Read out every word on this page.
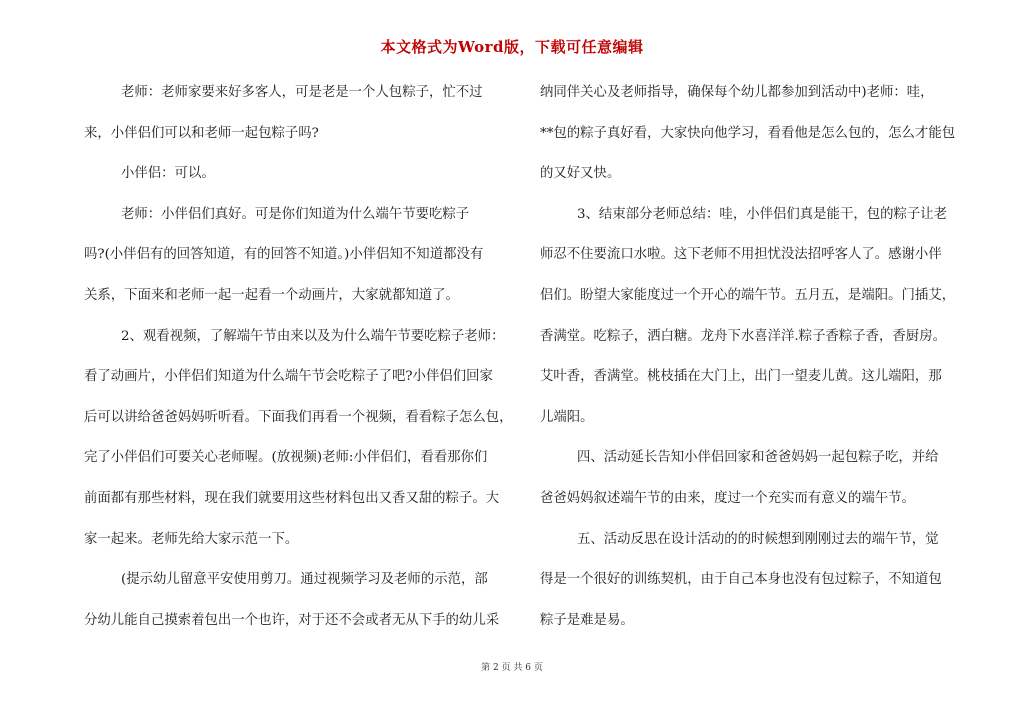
本文格式为Word版，下载可任意编辑
老师：老师家要来好多客人，可是老是一个人包粽子，忙不过
来，小伴侣们可以和老师一起包粽子吗?
小伴侣：可以。
老师：小伴侣们真好。可是你们知道为什么端午节要吃粽子
吗?(小伴侣有的回答知道，有的回答不知道。)小伴侣知不知道都没有
关系，下面来和老师一起一起看一个动画片，大家就都知道了。
2、观看视频，了解端午节由来以及为什么端午节要吃粽子老师：
看了动画片，小伴侣们知道为什么端午节会吃粽子了吧?小伴侣们回家
后可以讲给爸爸妈妈听听看。下面我们再看一个视频，看看粽子怎么包，
完了小伴侣们可要关心老师喔。(放视频)老师:小伴侣们，看看那你们
前面都有那些材料，现在我们就要用这些材料包出又香又甜的粽子。大
家一起来。老师先给大家示范一下。
(提示幼儿留意平安使用剪刀。通过视频学习及老师的示范，部
分幼儿能自己摸索着包出一个也许，对于还不会或者无从下手的幼儿采
纳同伴关心及老师指导，确保每个幼儿都参加到活动中)老师：哇，
**包的粽子真好看，大家快向他学习，看看他是怎么包的，怎么才能包
的又好又快。
3、结束部分老师总结：哇，小伴侣们真是能干，包的粽子让老
师忍不住要流口水啦。这下老师不用担忧没法招呼客人了。感谢小伴
侣们。盼望大家能度过一个开心的端午节。五月五，是端阳。门插艾，
香满堂。吃粽子，洒白糖。龙舟下水喜洋洋.粽子香粽子香，香厨房。
艾叶香，香满堂。桃枝插在大门上，出门一望麦儿黄。这儿端阳，那
儿端阳。
四、活动延长告知小伴侣回家和爸爸妈妈一起包粽子吃，并给
爸爸妈妈叙述端午节的由来，度过一个充实而有意义的端午节。
五、活动反思在设计活动的的时候想到刚刚过去的端午节，觉
得是一个很好的训练契机，由于自己本身也没有包过粽子，不知道包
粽子是难是易。
第 2 页 共 6 页
